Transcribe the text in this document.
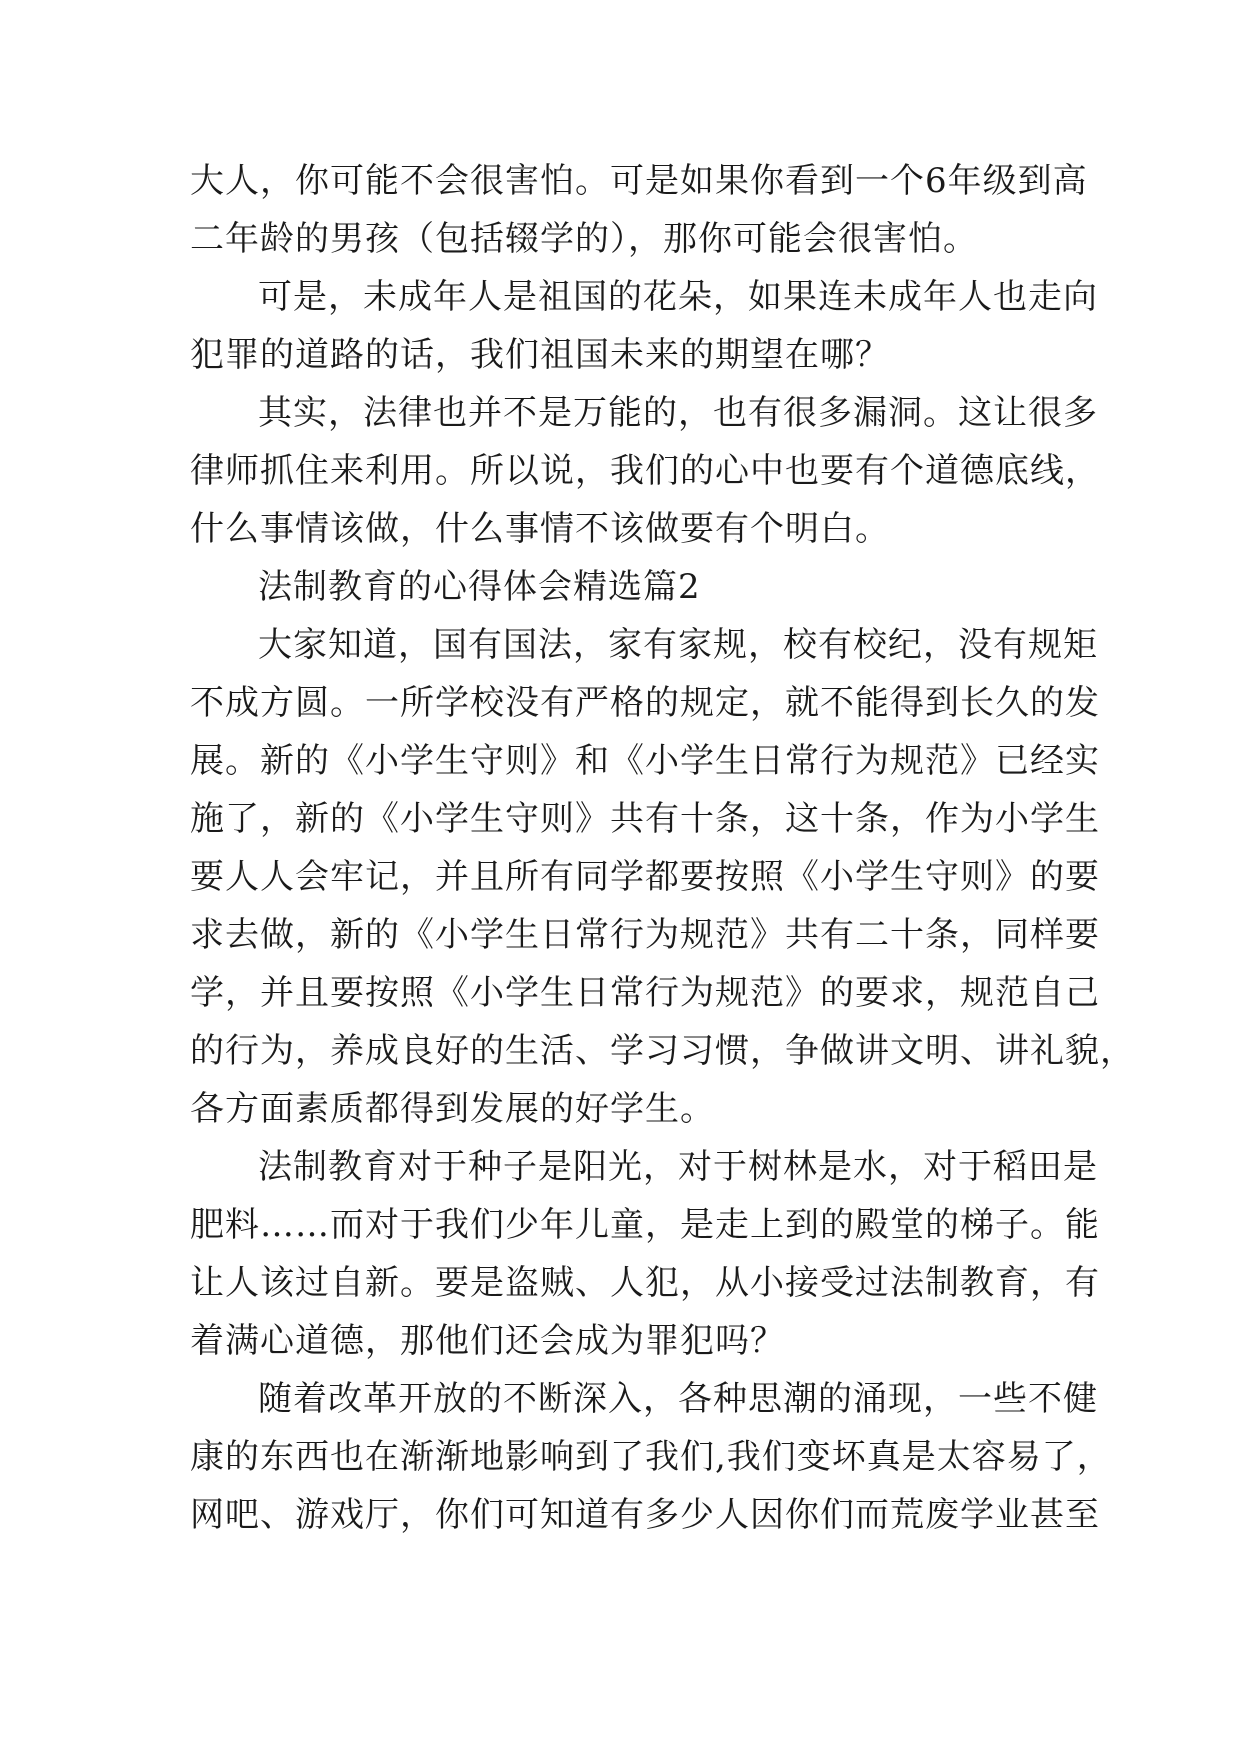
大人，你可能不会很害怕。可是如果你看到一个6年级到高
二年龄的男孩（包括辍学的），那你可能会很害怕。
可是，未成年人是祖国的花朵，如果连未成年人也走向
犯罪的道路的话，我们祖国未来的期望在哪？
其实，法律也并不是万能的，也有很多漏洞。这让很多
律师抓住来利用。所以说，我们的心中也要有个道德底线，
什么事情该做，什么事情不该做要有个明白。
法制教育的心得体会精选篇2
大家知道，国有国法，家有家规，校有校纪，没有规矩
不成方圆。一所学校没有严格的规定，就不能得到长久的发
展。新的《小学生守则》和《小学生日常行为规范》已经实
施了，新的《小学生守则》共有十条，这十条，作为小学生
要人人会牢记，并且所有同学都要按照《小学生守则》的要
求去做，新的《小学生日常行为规范》共有二十条，同样要
学，并且要按照《小学生日常行为规范》的要求，规范自己
的行为，养成良好的生活、学习习惯，争做讲文明、讲礼貌，
各方面素质都得到发展的好学生。
法制教育对于种子是阳光，对于树林是水，对于稻田是
肥料……而对于我们少年儿童，是走上到的殿堂的梯子。能
让人该过自新。要是盗贼、人犯，从小接受过法制教育，有
着满心道德，那他们还会成为罪犯吗？
随着改革开放的不断深入，各种思潮的涌现，一些不健
康的东西也在渐渐地影响到了我们,我们变坏真是太容易了，
网吧、游戏厅，你们可知道有多少人因你们而荒废学业甚至
